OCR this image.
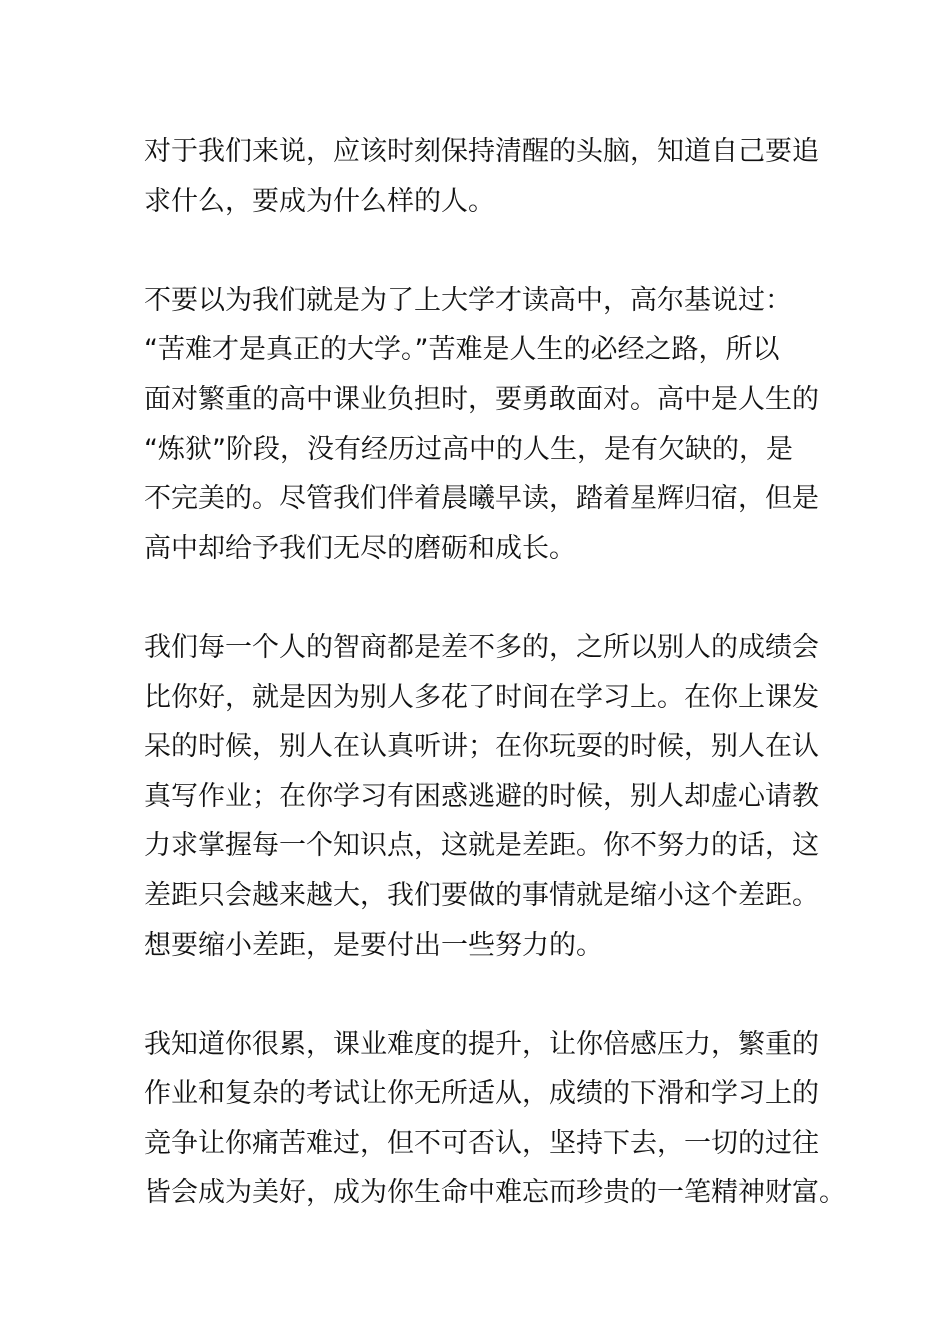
对于我们来说，应该时刻保持清醒的头脑，知道自己要追
求什么，要成为什么样的人。

不要以为我们就是为了上大学才读高中，高尔基说过：
“苦难才是真正的大学。”苦难是人生的必经之路，所以
面对繁重的高中课业负担时，要勇敢面对。高中是人生的
“炼狱”阶段，没有经历过高中的人生，是有欠缺的，是
不完美的。尽管我们伴着晨曦早读，踏着星辉归宿，但是
高中却给予我们无尽的磨砺和成长。

我们每一个人的智商都是差不多的，之所以别人的成绩会
比你好，就是因为别人多花了时间在学习上。在你上课发
呆的时候，别人在认真听讲；在你玩耍的时候，别人在认
真写作业；在你学习有困惑逃避的时候，别人却虚心请教
力求掌握每一个知识点，这就是差距。你不努力的话，这
差距只会越来越大，我们要做的事情就是缩小这个差距。
想要缩小差距，是要付出一些努力的。

我知道你很累，课业难度的提升，让你倍感压力，繁重的
作业和复杂的考试让你无所适从，成绩的下滑和学习上的
竞争让你痛苦难过，但不可否认，坚持下去，一切的过往
皆会成为美好，成为你生命中难忘而珍贵的一笔精神财富。
